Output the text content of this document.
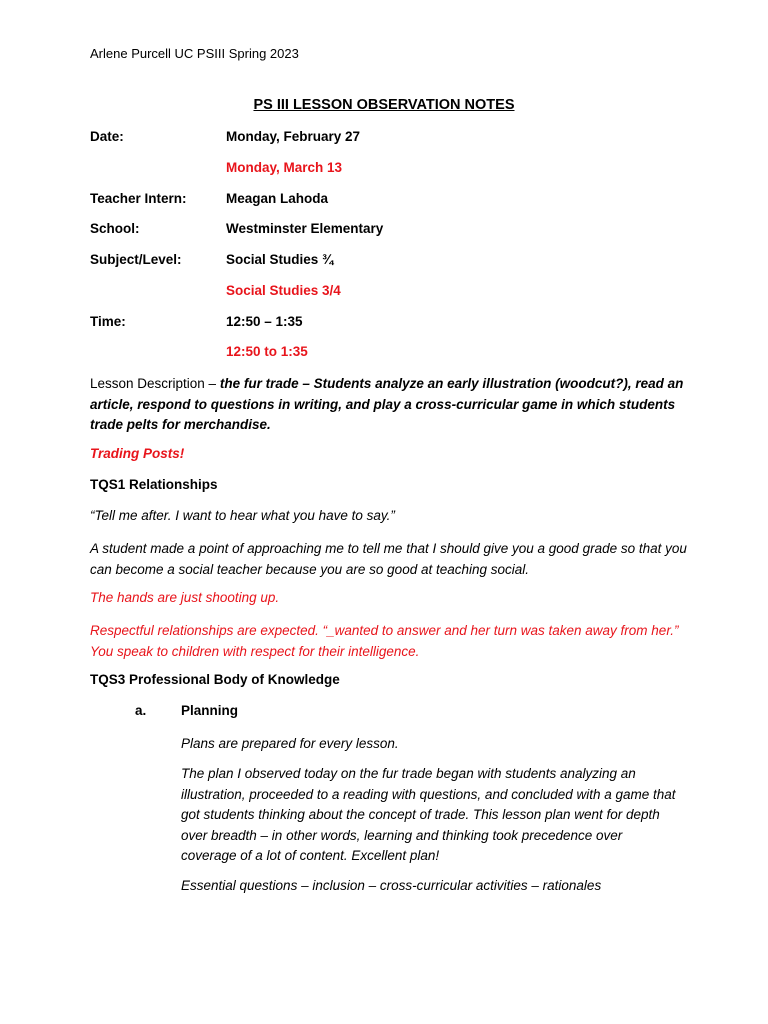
Arlene Purcell UC PSIII Spring 2023
PS III LESSON OBSERVATION NOTES
Date:	Monday, February 27
Monday, March 13
Teacher Intern:	Meagan Lahoda
School:	Westminster Elementary
Subject/Level:	Social Studies ¾
Social Studies 3/4
Time:	12:50 – 1:35
12:50 to 1:35
Lesson Description – the fur trade – Students analyze an early illustration (woodcut?), read an article, respond to questions in writing, and play a cross-curricular game in which students trade pelts for merchandise.
Trading Posts!
TQS1 Relationships
“Tell me after. I want to hear what you have to say.”
A student made a point of approaching me to tell me that I should give you a good grade so that you can become a social teacher because you are so good at teaching social.
The hands are just shooting up.
Respectful relationships are expected. “_wanted to answer and her turn was taken away from her.” You speak to children with respect for their intelligence.
TQS3 Professional Body of Knowledge
a.	Planning
Plans are prepared for every lesson.
The plan I observed today on the fur trade began with students analyzing an illustration, proceeded to a reading with questions, and concluded with a game that got students thinking about the concept of trade. This lesson plan went for depth over breadth – in other words, learning and thinking took precedence over coverage of a lot of content. Excellent plan!
Essential questions – inclusion – cross-curricular activities – rationales
